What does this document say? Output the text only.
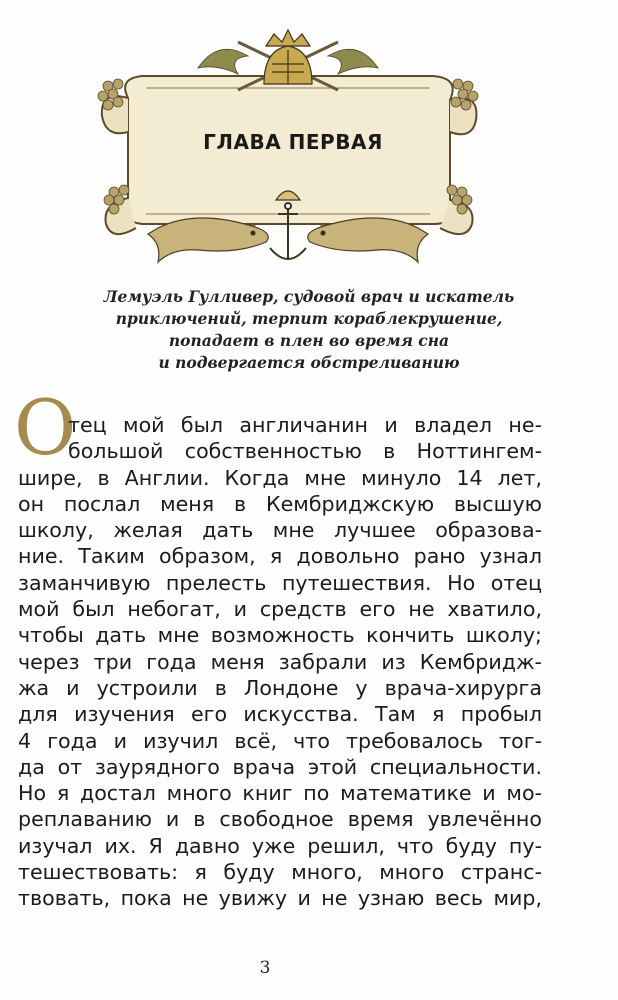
ГЛАВА ПЕРВАЯ
Лемуэль Гулливер, судовой врач и искатель
приключений, терпит кораблекрушение,
попадает в плен во время сна
и подвергается обстреливанию
О
тец мой был англичанин и владел не-
большой собственностью в Ноттингем-
шире, в Англии. Когда мне минуло 14 лет,
он послал меня в Кембриджскую высшую
школу, желая дать мне лучшее образова-
ние. Таким образом, я довольно рано узнал
заманчивую прелесть путешествия. Но отец
мой был небогат, и средств его не хватило,
чтобы дать мне возможность кончить школу;
через три года меня забрали из Кембридж-
жа и устроили в Лондоне у врача-хирурга
для изучения его искусства. Там я пробыл
4 года и изучил всё, что требовалось тог-
да от заурядного врача этой специальности.
Но я достал много книг по математике и мо-
реплаванию и в свободное время увлечённо
изучал их. Я давно уже решил, что буду пу-
тешествовать: я буду много, много странс-
твовать, пока не увижу и не узнаю весь мир,
3
